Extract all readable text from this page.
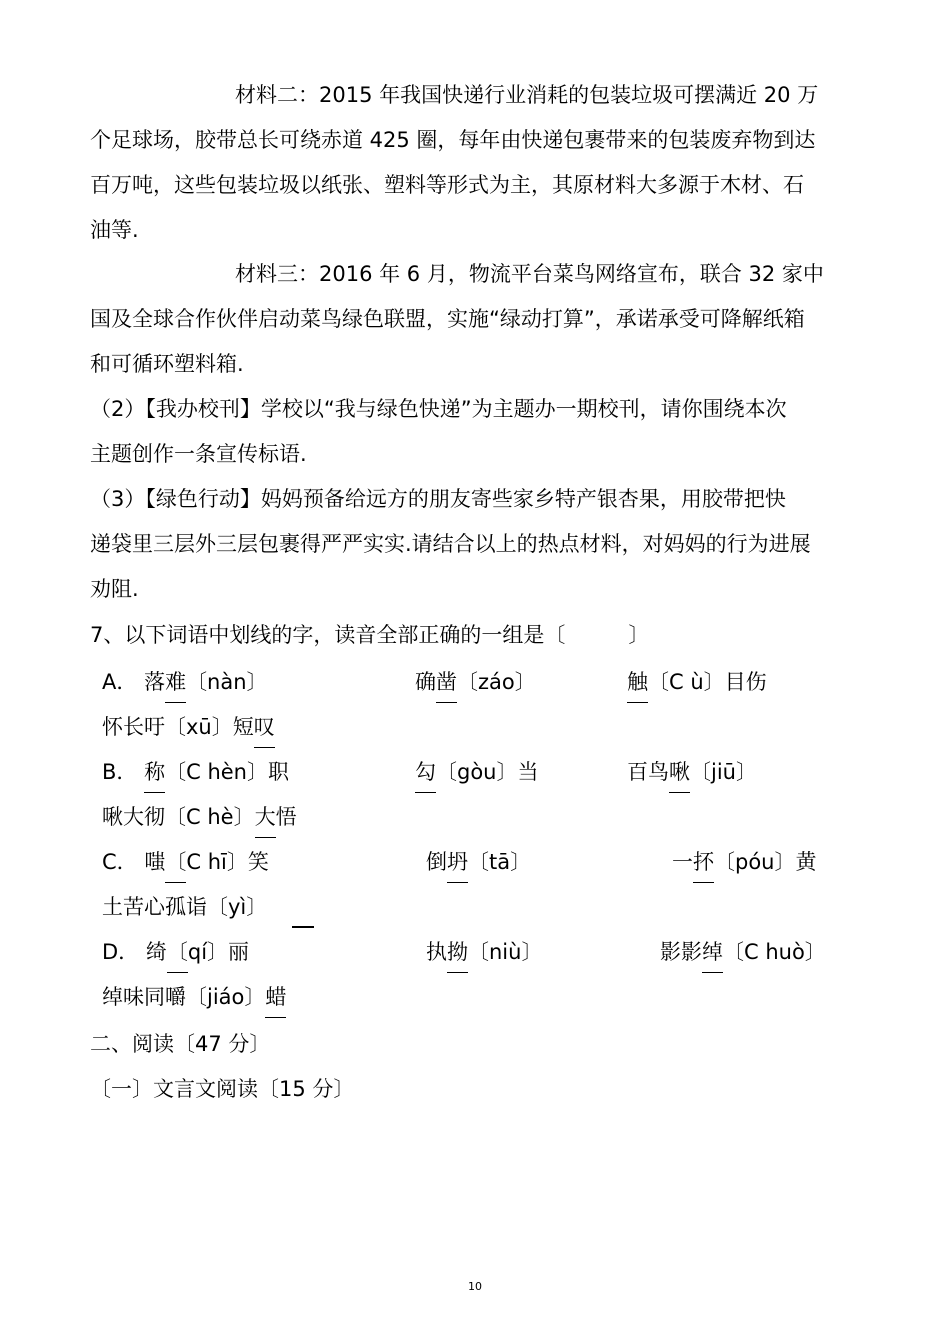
材料二：2015 年我国快递行业消耗的包装垃圾可摆满近 20 万
个足球场，胶带总长可绕赤道 425 圈，每年由快递包裹带来的包装废弃物到达
百万吨，这些包装垃圾以纸张、塑料等形式为主，其原材料大多源于木材、石
油等.
材料三：2016 年 6 月，物流平台菜鸟网络宣布，联合 32 家中
国及全球合作伙伴启动菜鸟绿色联盟，实施“绿动打算”，承诺承受可降解纸箱
和可循环塑料箱.
（2）【我办校刊】学校以“我与绿色快递”为主题办一期校刊，请你围绕本次
主题创作一条宣传标语.
（3）【绿色行动】妈妈预备给远方的朋友寄些家乡特产银杏果，用胶带把快
递袋里三层外三层包裹得严严实实.请结合以上的热点材料，对妈妈的行为进展
劝阻.
7、以下词语中划线的字，读音全部正确的一组是〔　　　〕
A． 落难〔nàn〕	确凿〔záo〕	触〔C ù〕目伤
怀长吁〔xū〕短叹
B． 称〔C hèn〕职	勾〔gòu〕当	百鸟啾〔jiū〕
啾大彻〔C hè〕大悟
C． 嗤〔C hī〕笑	倒坍〔tā〕	一抔〔póu〕黄
土苦心孤诣〔yì〕
D． 绮〔qí〕丽	执拗〔niù〕	影影绰〔C huò〕
绰味同嚼〔jiáo〕蜡
二、阅读〔47 分〕
〔一〕文言文阅读〔15 分〕
10
